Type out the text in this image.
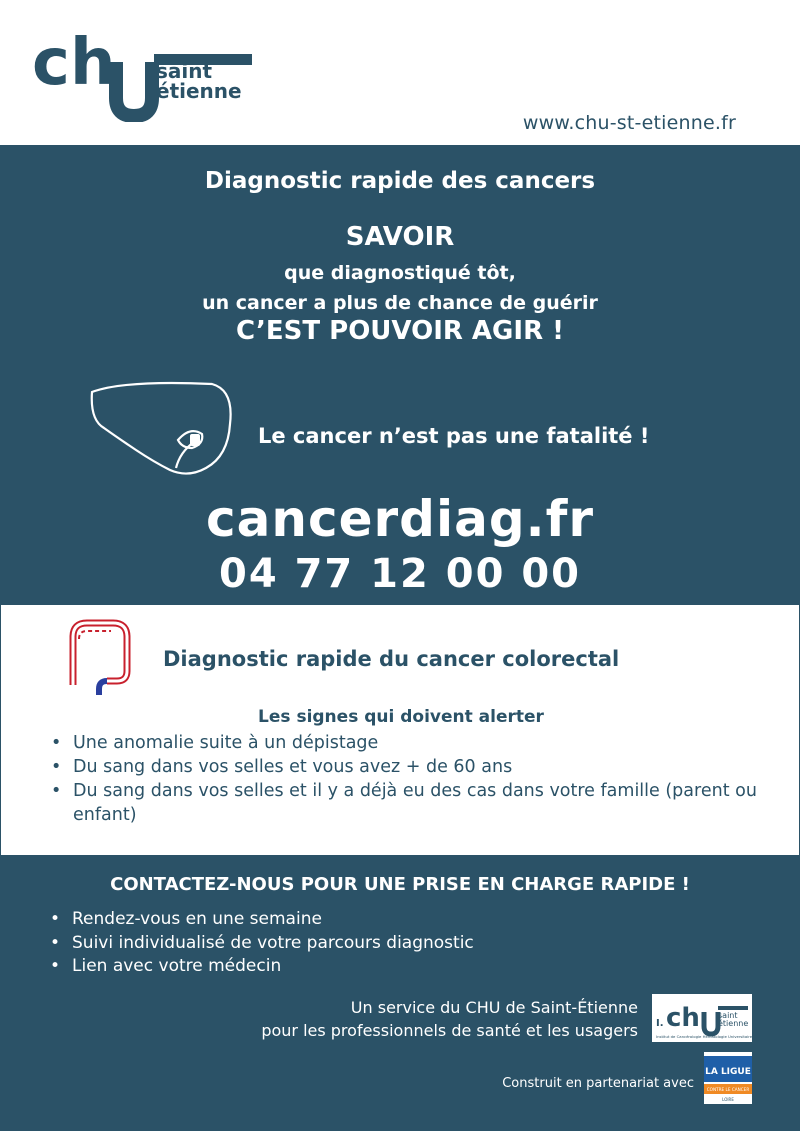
ch saint
étienne
www.chu-st-etienne.fr
Diagnostic rapide des cancers
SAVOIR
que diagnostiqué tôt,
un cancer a plus de chance de guérir
C’EST POUVOIR AGIR !
Le cancer n’est pas une fatalité !
cancerdiag.fr
04 77 12 00 00
Diagnostic rapide du cancer colorectal
Les signes qui doivent alerter
• Une anomalie suite à un dépistage
• Du sang dans vos selles et vous avez + de 60 ans
• Du sang dans vos selles et il y a déjà eu des cas dans votre famille (parent ou enfant)
CONTACTEZ-NOUS POUR UNE PRISE EN CHARGE RAPIDE !
• Rendez-vous en une semaine
• Suivi individualisé de votre parcours diagnostic
• Lien avec votre médecin
Un service du CHU de Saint-Étienne
pour les professionnels de santé et les usagers I. ch saint
étienne
Institut de Cancérologie Hématologie Universitaire
Construit en partenariat avec
LA LIGUE
CONTRE LE CANCER
LOIRE
